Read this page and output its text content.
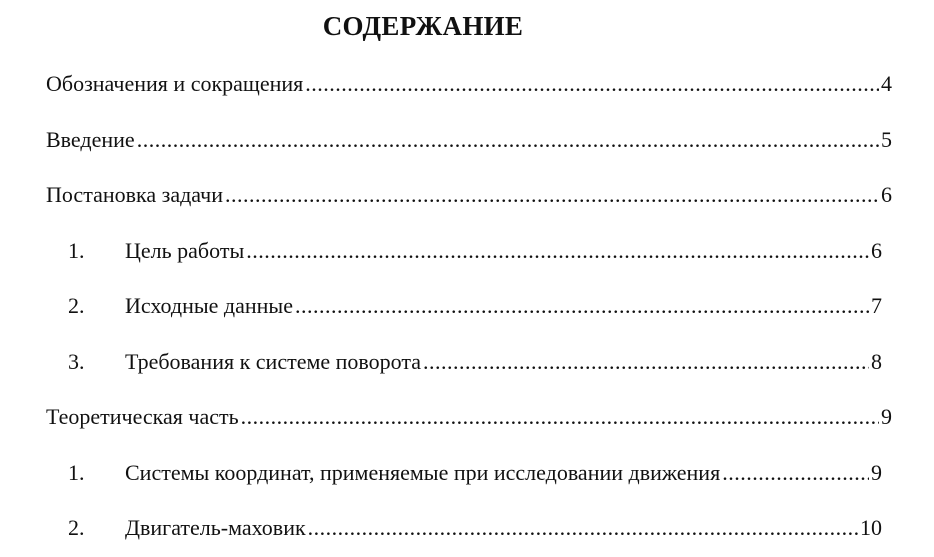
СОДЕРЖАНИЕ
Обозначения и сокращения .....	4
Введение .....	5
Постановка задачи .....	6
1.	Цель работы .....	6
2.	Исходные данные .....	7
3.	Требования к системе поворота .....	8
Теоретическая часть .....	9
1.	Системы координат, применяемые при исследовании движения .....	9
2.	Двигатель-маховик .....	10
